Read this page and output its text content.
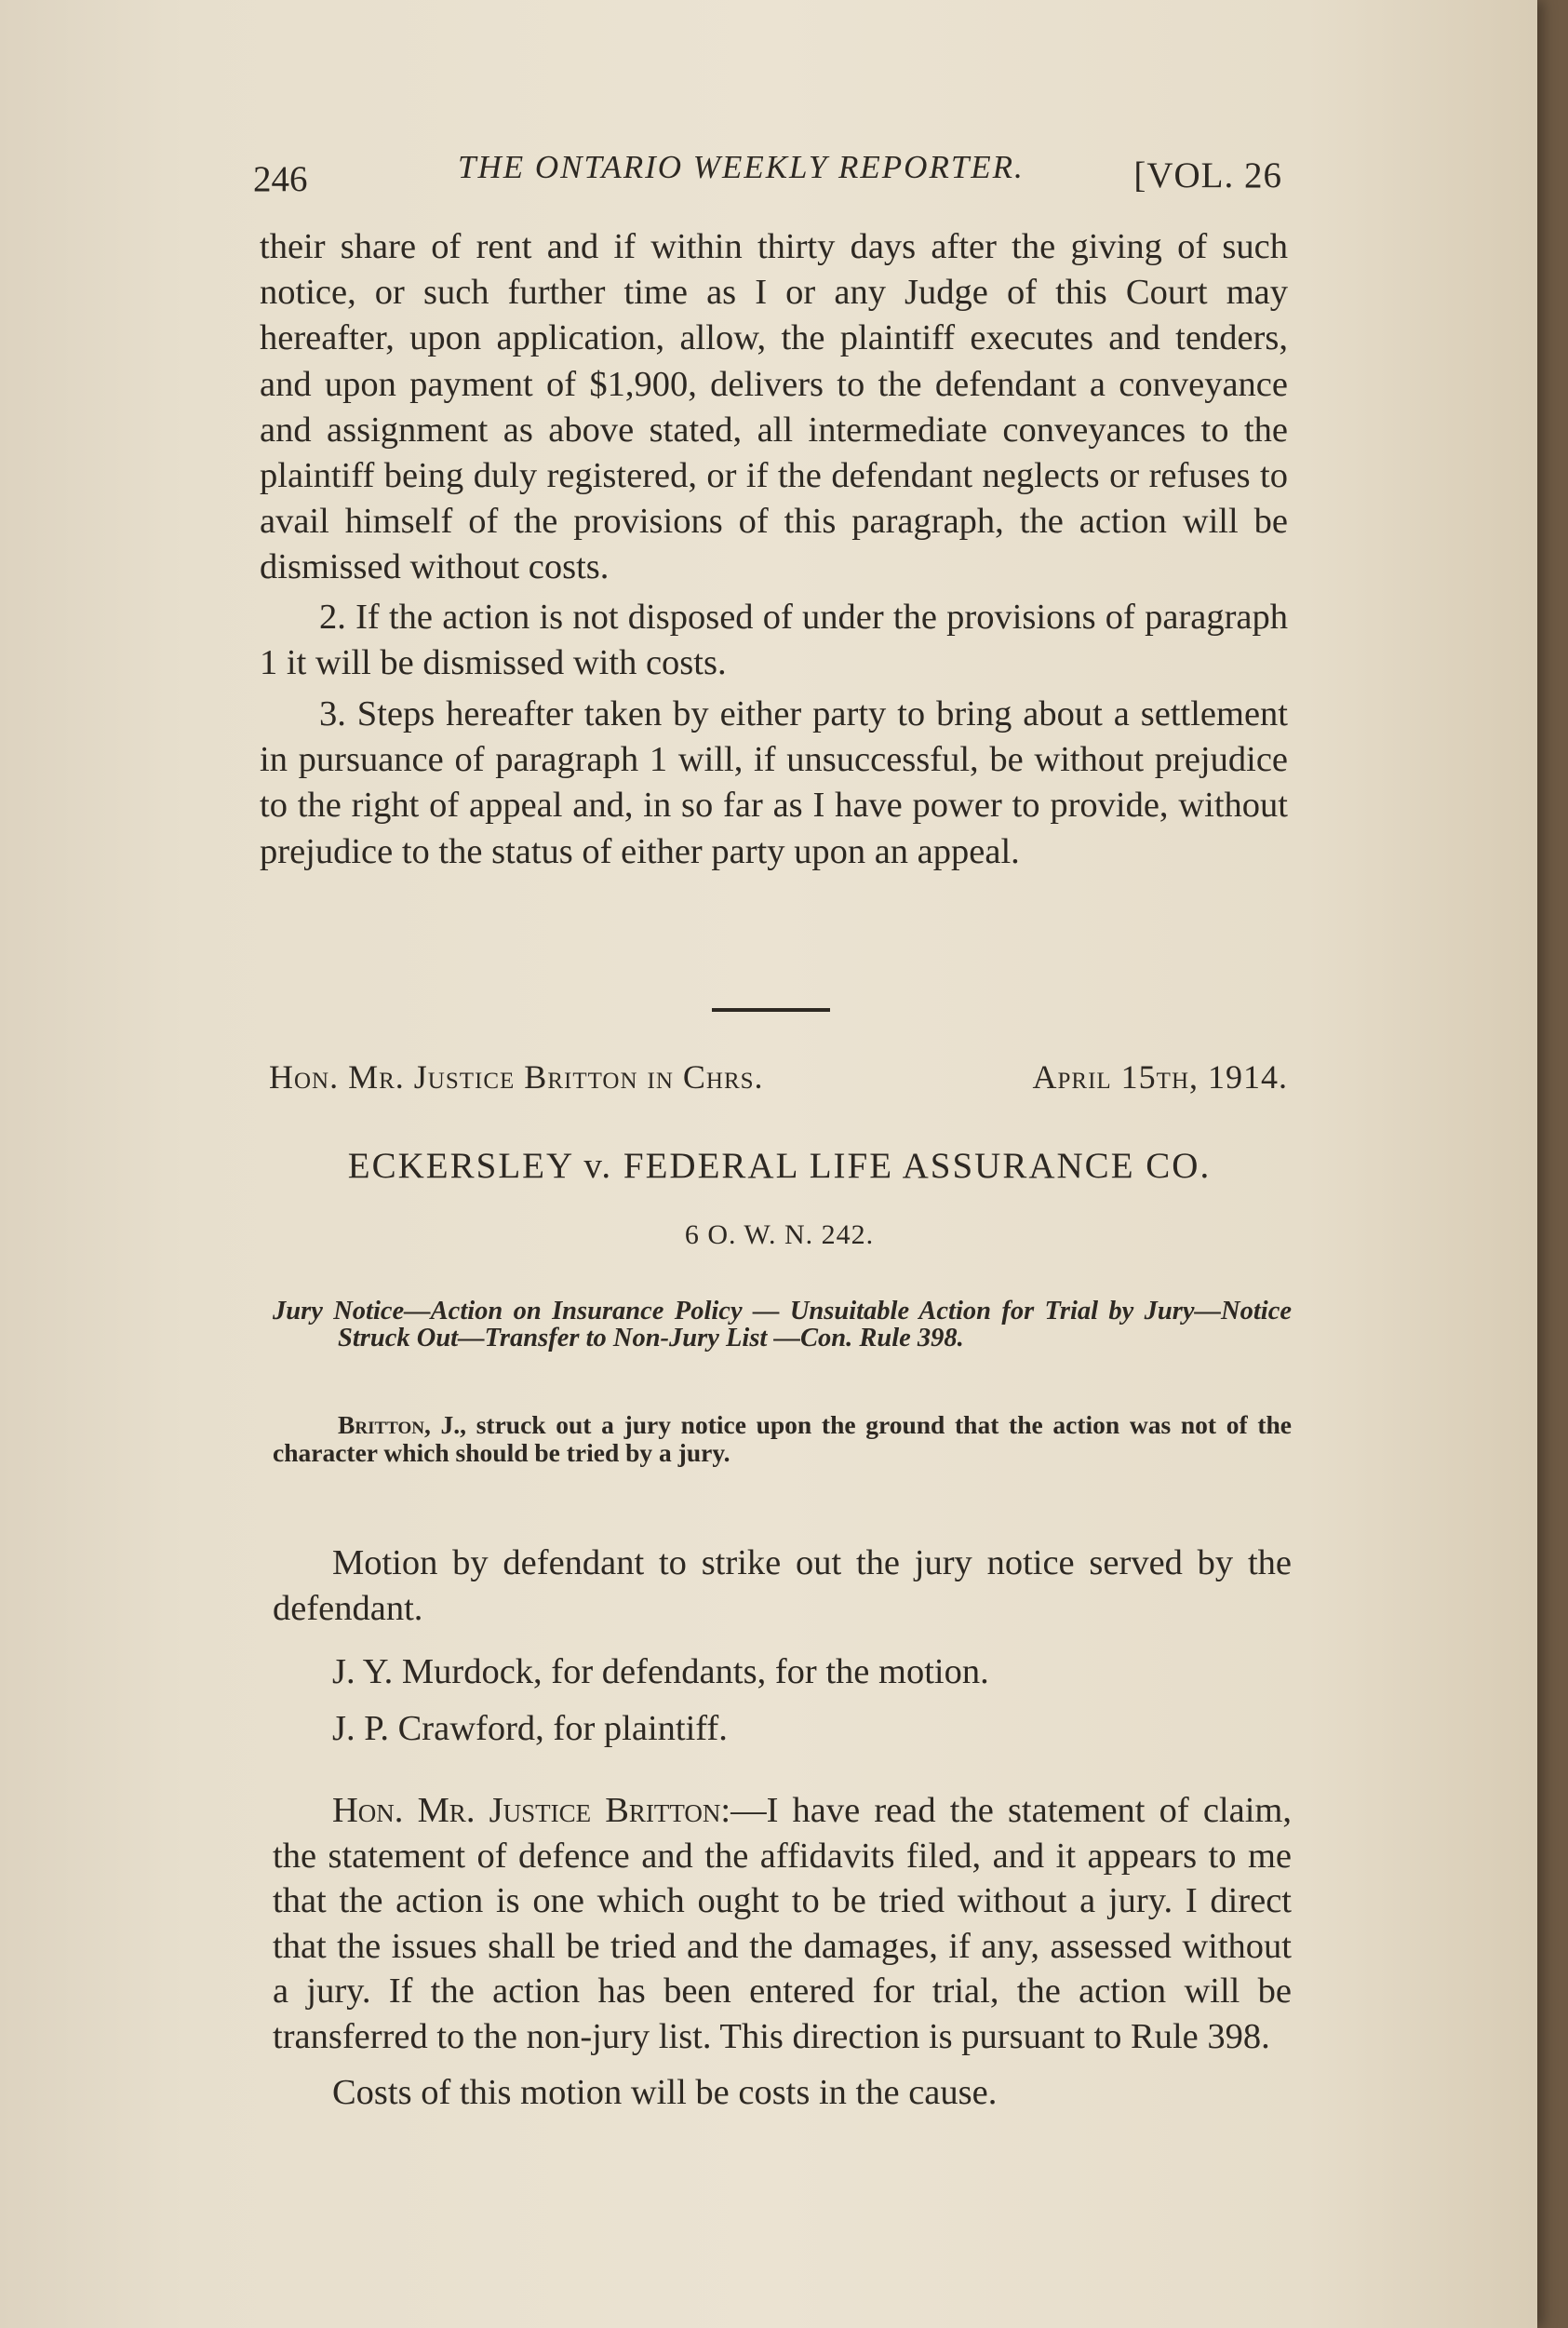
246	THE ONTARIO WEEKLY REPORTER.	[VOL. 26

their share of rent and if within thirty days after the giving of such notice, or such further time as I or any Judge of this Court may hereafter, upon application, allow, the plaintiff executes and tenders, and upon payment of $1,900, delivers to the defendant a conveyance and assignment as above stated, all intermediate conveyances to the plaintiff being duly registered, or if the defendant neglects or refuses to avail himself of the provisions of this paragraph, the action will be dismissed without costs.

2. If the action is not disposed of under the provisions of paragraph 1 it will be dismissed with costs.

3. Steps hereafter taken by either party to bring about a settlement in pursuance of paragraph 1 will, if unsuccessful, be without prejudice to the right of appeal and, in so far as I have power to provide, without prejudice to the status of either party upon an appeal.

Hon. Mr. Justice Britton in Chrs.	April 15th, 1914.
ECKERSLEY v. FEDERAL LIFE ASSURANCE CO.
6 O. W. N. 242.
Jury Notice—Action on Insurance Policy — Unsuitable Action for Trial by Jury—Notice Struck Out—Transfer to Non-Jury List —Con. Rule 398.
Britton, J., struck out a jury notice upon the ground that the action was not of the character which should be tried by a jury.

Motion by defendant to strike out the jury notice served by the defendant.

J. Y. Murdock, for defendants, for the motion.

J. P. Crawford, for plaintiff.

Hon. Mr. Justice Britton:—I have read the statement of claim, the statement of defence and the affidavits filed, and it appears to me that the action is one which ought to be tried without a jury. I direct that the issues shall be tried and the damages, if any, assessed without a jury. If the action has been entered for trial, the action will be transferred to the non-jury list. This direction is pursuant to Rule 398.

Costs of this motion will be costs in the cause.
